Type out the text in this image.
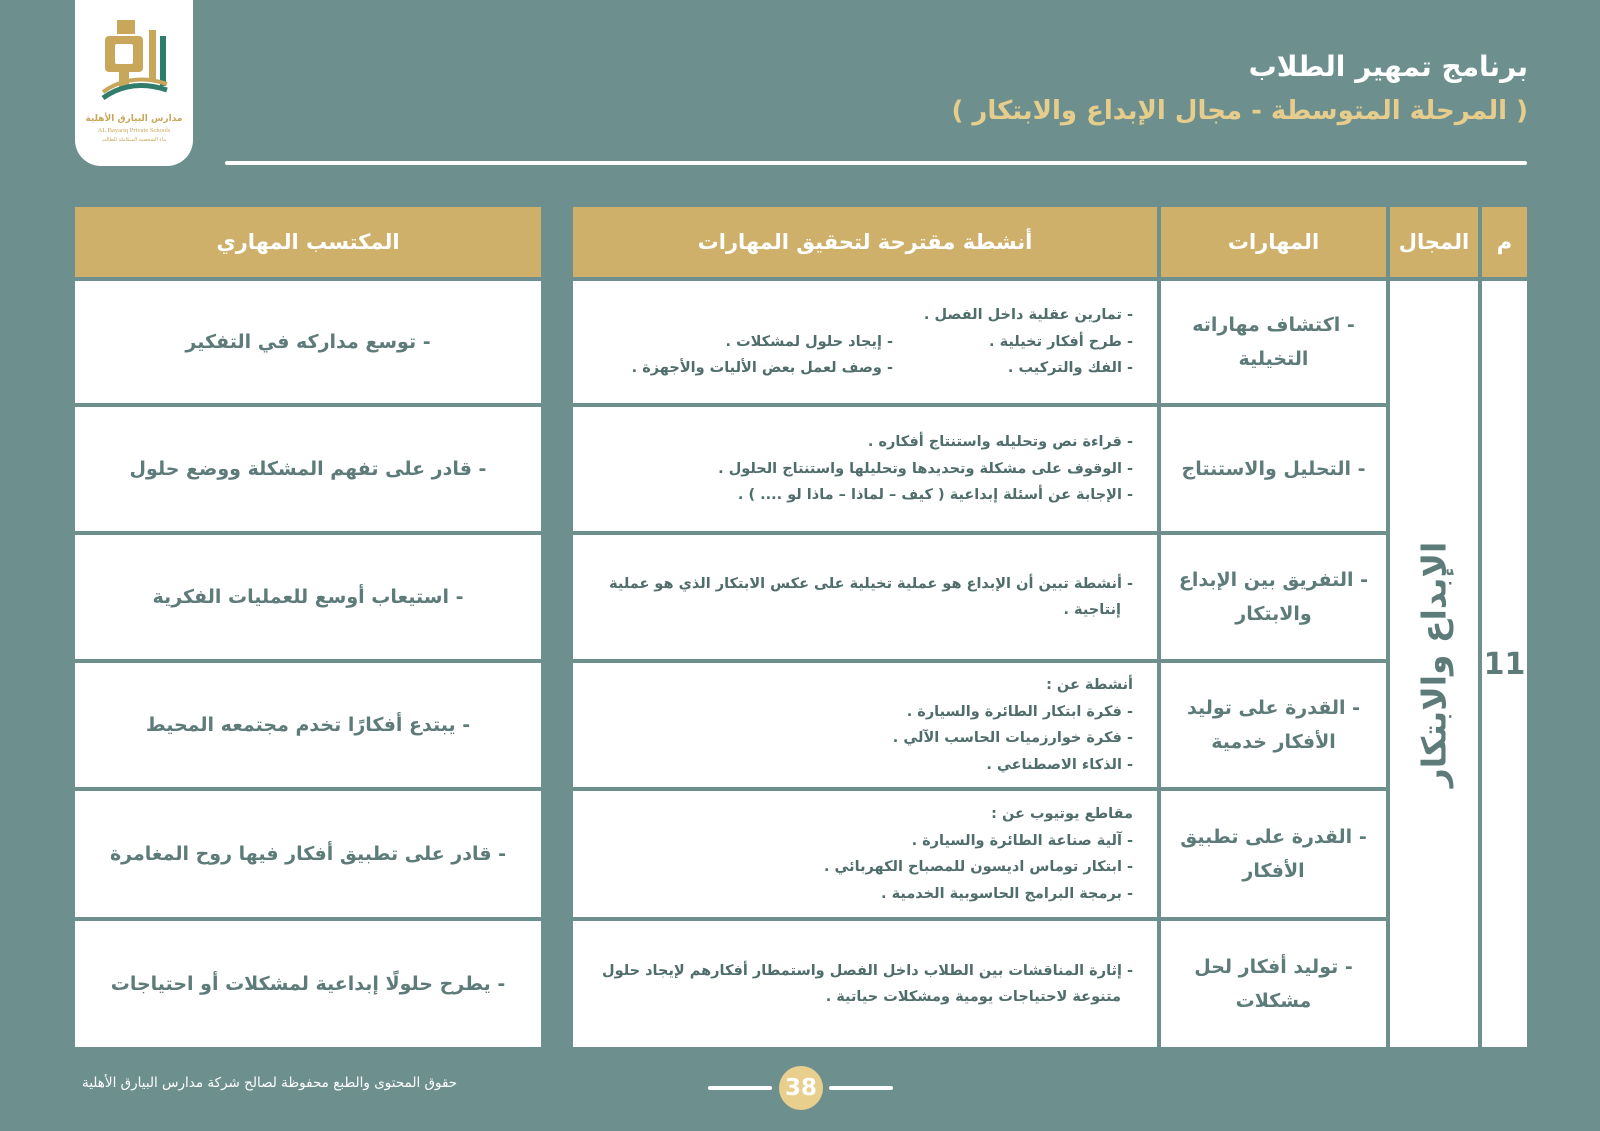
مدارس البيارق الأهلية
AL Bayariq Private Schools
بناء الشخصية المتكاملة للطالب
برنامج تمهير الطلاب
( المرحلة المتوسطة - مجال الإبداع والابتكار )
م
المجال
المهارات
أنشطة مقترحة لتحقيق المهارات
المكتسب المهاري
11
الإبداع والابتكار
- اكتشاف مهاراته التخيلية
- تمارين عقلية داخل الفصل .
- طرح أفكار تخيلية .
- إيجاد حلول لمشكلات .
- الفك والتركيب .
- وصف لعمل بعض الأليات والأجهزة .
- توسع مداركه في التفكير
- التحليل والاستنتاج
- قراءة نص وتحليله واستنتاج أفكاره .
- الوقوف على مشكلة وتحديدها وتحليلها واستنتاج الحلول .
- الإجابة عن أسئلة إبداعية ( كيف – لماذا – ماذا لو .... ) .
- قادر على تفهم المشكلة ووضع حلول
- التفريق بين الإبداع والابتكار
- أنشطة تبين أن الإبداع هو عملية تخيلية على عكس الابتكار الذي هو عملية
إنتاجية .
- استيعاب أوسع للعمليات الفكرية
- القدرة على توليد الأفكار خدمية
أنشطة عن :
- فكرة ابتكار الطائرة والسيارة .
- فكرة خوارزميات الحاسب الآلي .
- الذكاء الاصطناعي .
- يبتدع أفكارًا تخدم مجتمعه المحيط
- القدرة على تطبيق الأفكار
مقاطع يوتيوب عن :
- آلية صناعة الطائرة والسيارة .
- ابتكار توماس اديسون للمصباح الكهربائي .
- برمجة البرامج الحاسوبية الخدمية .
- قادر على تطبيق أفكار فيها روح المغامرة
- توليد أفكار لحل مشكلات
- إثارة المناقشات بين الطلاب داخل الفصل واستمطار أفكارهم لإيجاد حلول
متنوعة لاحتياجات يومية ومشكلات حياتية .
- يطرح حلولًا إبداعية لمشكلات أو احتياجات
حقوق المحتوى والطبع محفوظة لصالح شركة مدارس البيارق الأهلية	38
